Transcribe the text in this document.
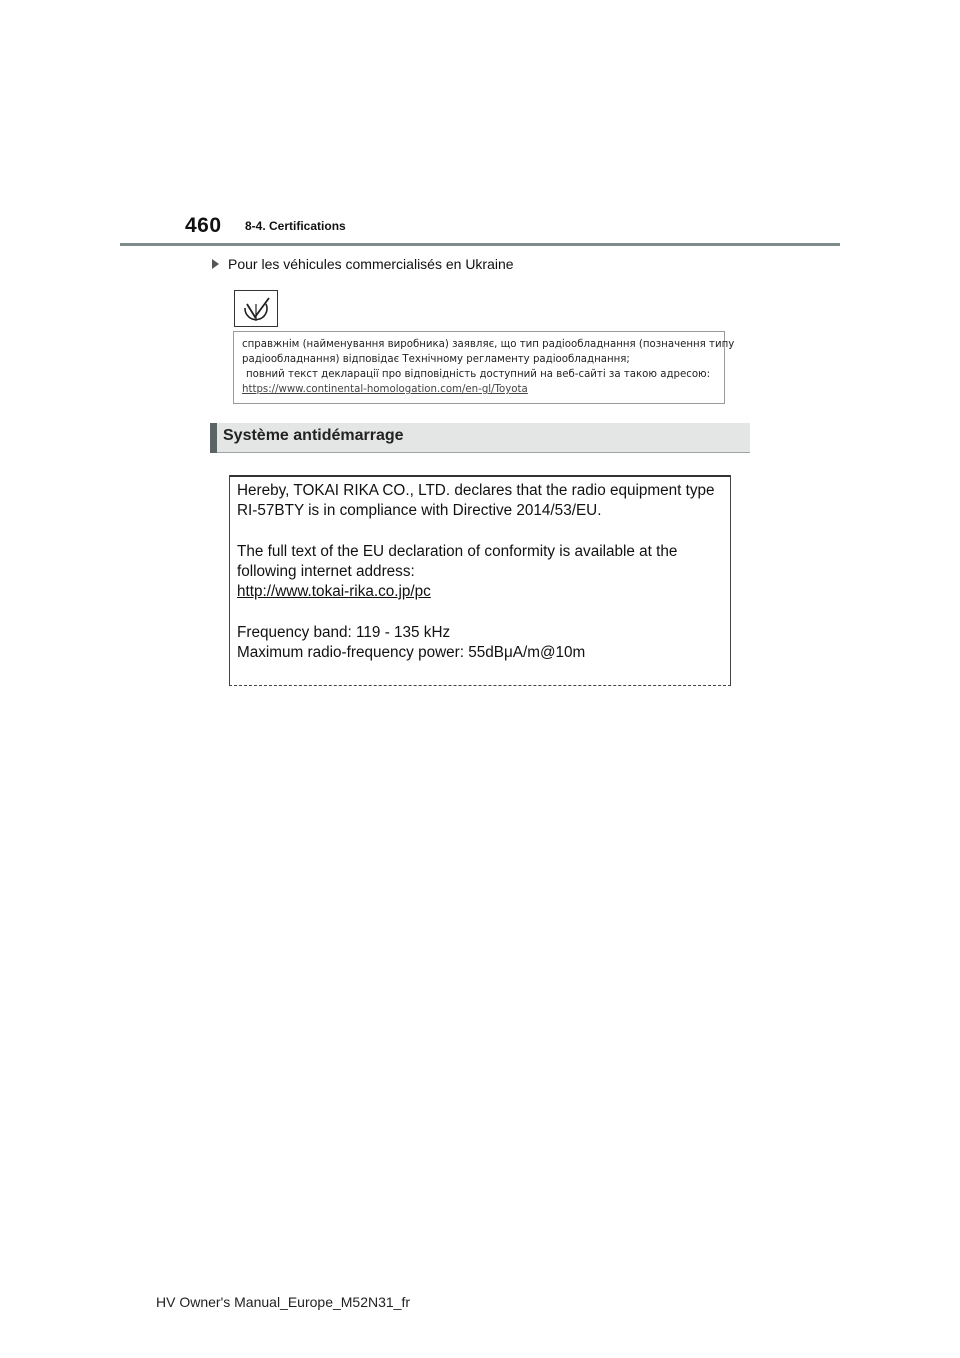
460 8-4. Certifications
Pour les véhicules commercialisés en Ukraine
справжнім (найменування виробника) заявляє, що тип радіообладнання (позначення типу
радіообладнання) відповідає Технічному регламенту радіообладнання;
повний текст декларації про відповідність доступний на веб-сайті за такою адресою:
https://www.continental-homologation.com/en-gl/Toyota
Système antidémarrage
Hereby, TOKAI RIKA CO., LTD. declares that the radio equipment type
RI-57BTY is in compliance with Directive 2014/53/EU.
The full text of the EU declaration of conformity is available at the
following internet address:
http://www.tokai-rika.co.jp/pc
Frequency band: 119 - 135 kHz
Maximum radio-frequency power: 55dBμA/m@10m
HV Owner's Manual_Europe_M52N31_fr
